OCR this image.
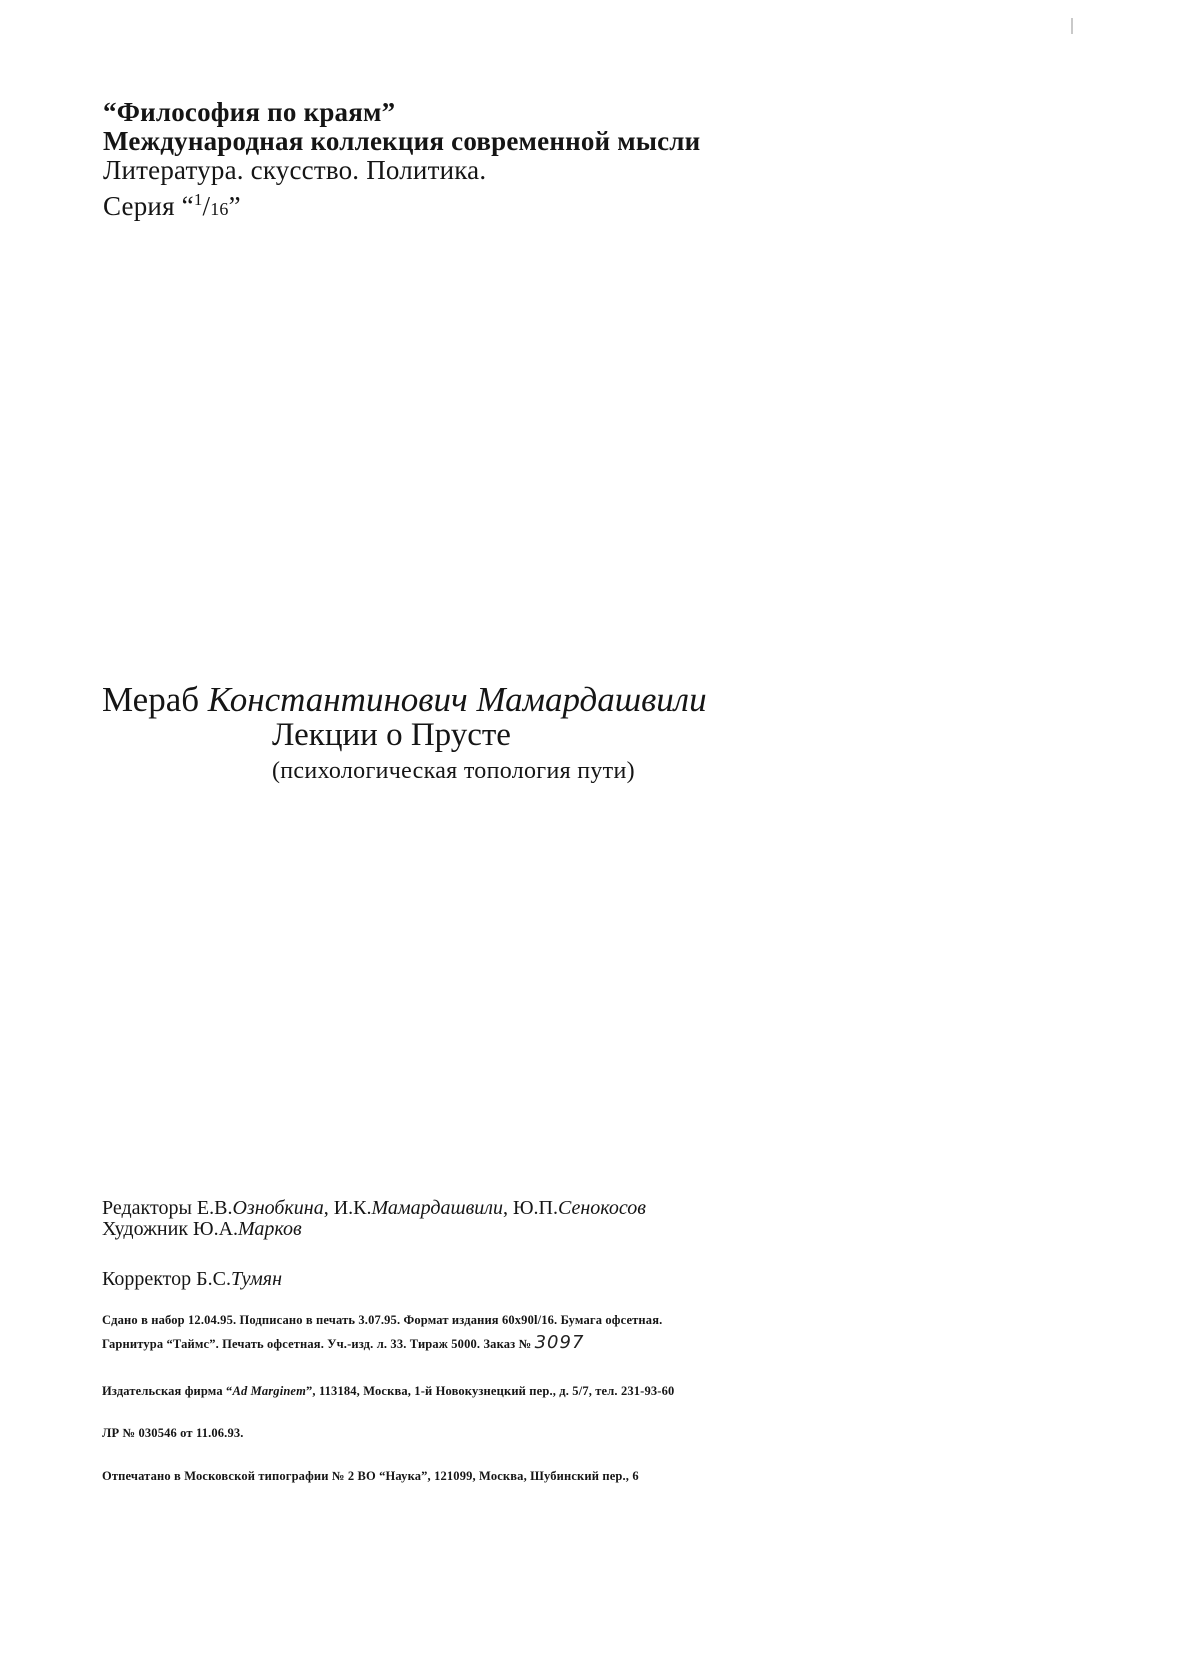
“Философия по краям”
Международная коллекция современной мысли
Литература. скусство. Политика.
Серия “$^1$/16”
Мераб Константинович Мамардашвили
Лекции о Прусте
(психологическая топология пути)
Редакторы Е.В.Ознобкина, И.К.Мамардашвили, Ю.П.Сенокосов
Художник Ю.А.Марков
Корректор Б.С.Тумян
Сдано в набор 12.04.95. Подписано в печать 3.07.95. Формат издания 60x90l/16. Бумага офсетная.
Гарнитура “Таймс”. Печать офсетная. Уч.-изд. л. 33. Тираж 5000. Заказ № 3097
Издательская фирма “Ad Marginem”, 113184, Москва, 1-й Новокузнецкий пер., д. 5/7, тел. 231-93-60
ЛР № 030546 от 11.06.93.
Отпечатано в Московской типографии № 2 ВО “Наука”, 121099, Москва, Шубинский пер., 6
